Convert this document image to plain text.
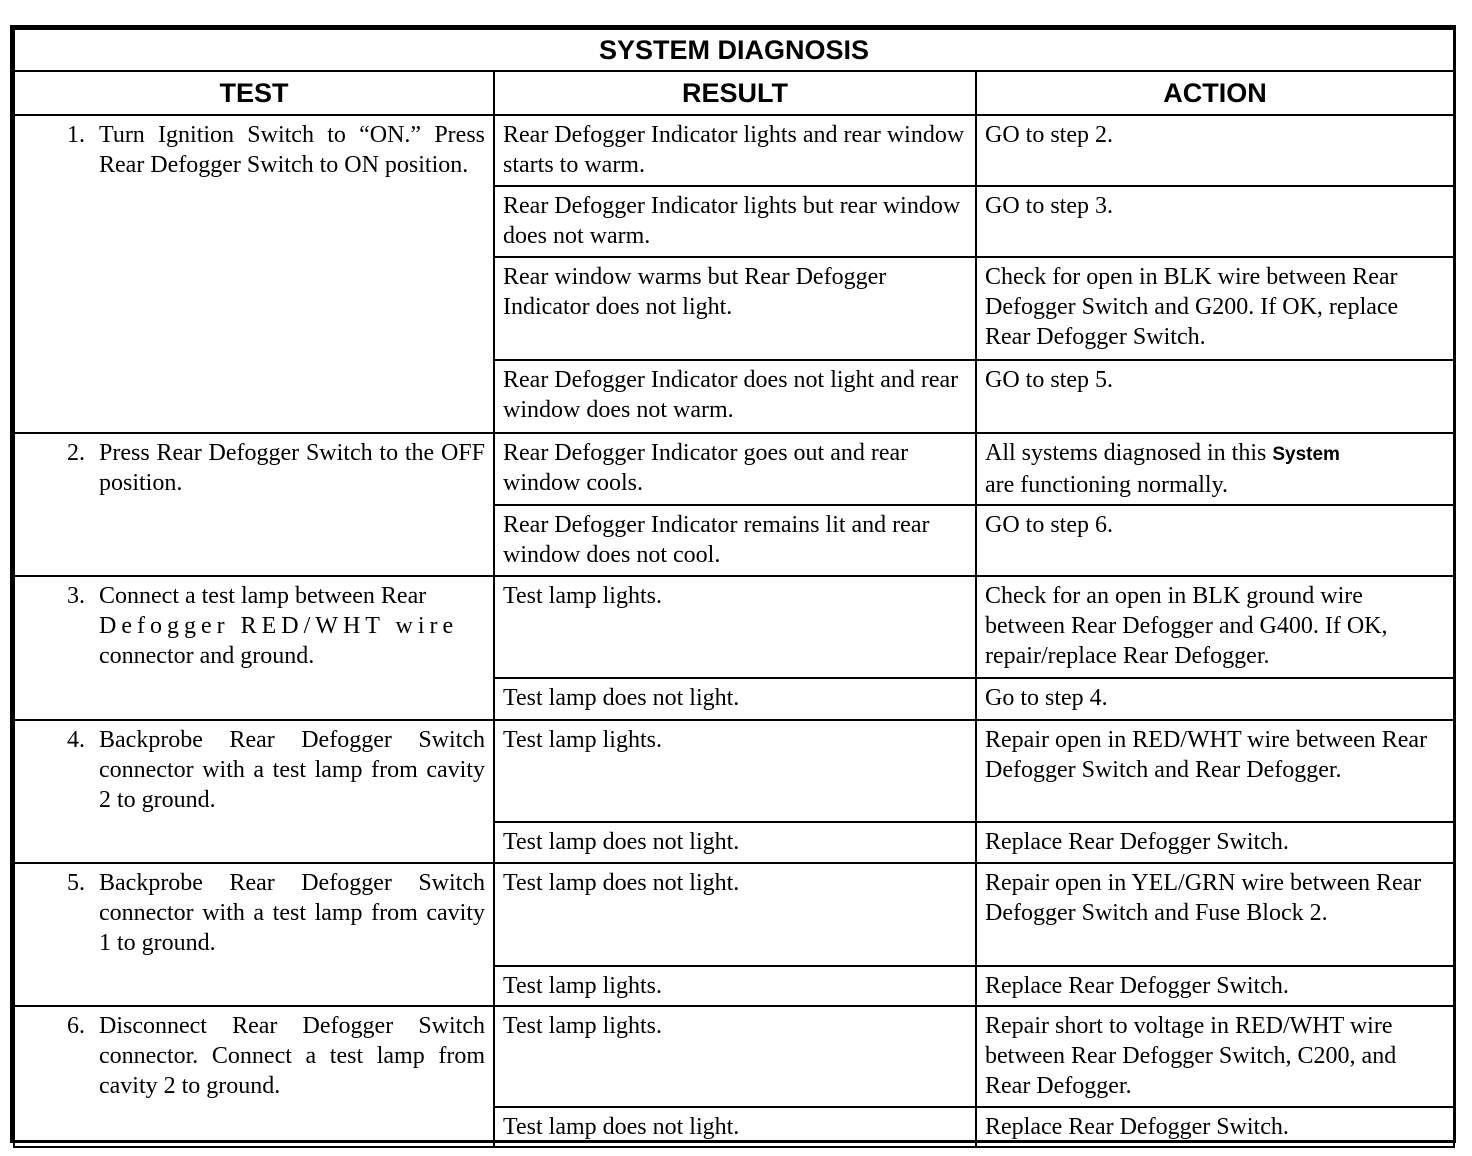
SYSTEM DIAGNOSIS		
TEST	RESULT	ACTION

1. Turn Ignition Switch to “ON.” Press Rear Defogger Switch to ON position.	Rear Defogger Indicator lights and rear window starts to warm.	GO to step 2.
	Rear Defogger Indicator lights but rear window does not warm.	GO to step 3.
	Rear window warms but Rear Defogger Indicator does not light.	Check for open in BLK wire between Rear Defogger Switch and G200. If OK, replace Rear Defogger Switch.
	Rear Defogger Indicator does not light and rear window does not warm.	GO to step 5.

2. Press Rear Defogger Switch to the OFF position.	Rear Defogger Indicator goes out and rear window cools.	All systems diagnosed in this System
are functioning normally.
	Rear Defogger Indicator remains lit and rear window does not cool.	GO to step 6.

3. Connect a test lamp between Rear
Defogger RED/WHT wire
connector and ground.	Test lamp lights.	Check for an open in BLK ground wire between Rear Defogger and G400. If OK, repair/replace Rear Defogger.
	Test lamp does not light.	Go to step 4.

4. Backprobe Rear Defogger Switch connector with a test lamp from cavity 2 to ground.	Test lamp lights.	Repair open in RED/WHT wire between Rear Defogger Switch and Rear Defogger.
	Test lamp does not light.	Replace Rear Defogger Switch.

5. Backprobe Rear Defogger Switch connector with a test lamp from cavity 1 to ground.	Test lamp does not light.	Repair open in YEL/GRN wire between Rear Defogger Switch and Fuse Block 2.
	Test lamp lights.	Replace Rear Defogger Switch.

6. Disconnect Rear Defogger Switch connector. Connect a test lamp from cavity 2 to ground.	Test lamp lights.	Repair short to voltage in RED/WHT wire between Rear Defogger Switch, C200, and Rear Defogger.
	Test lamp does not light.	Replace Rear Defogger Switch.
